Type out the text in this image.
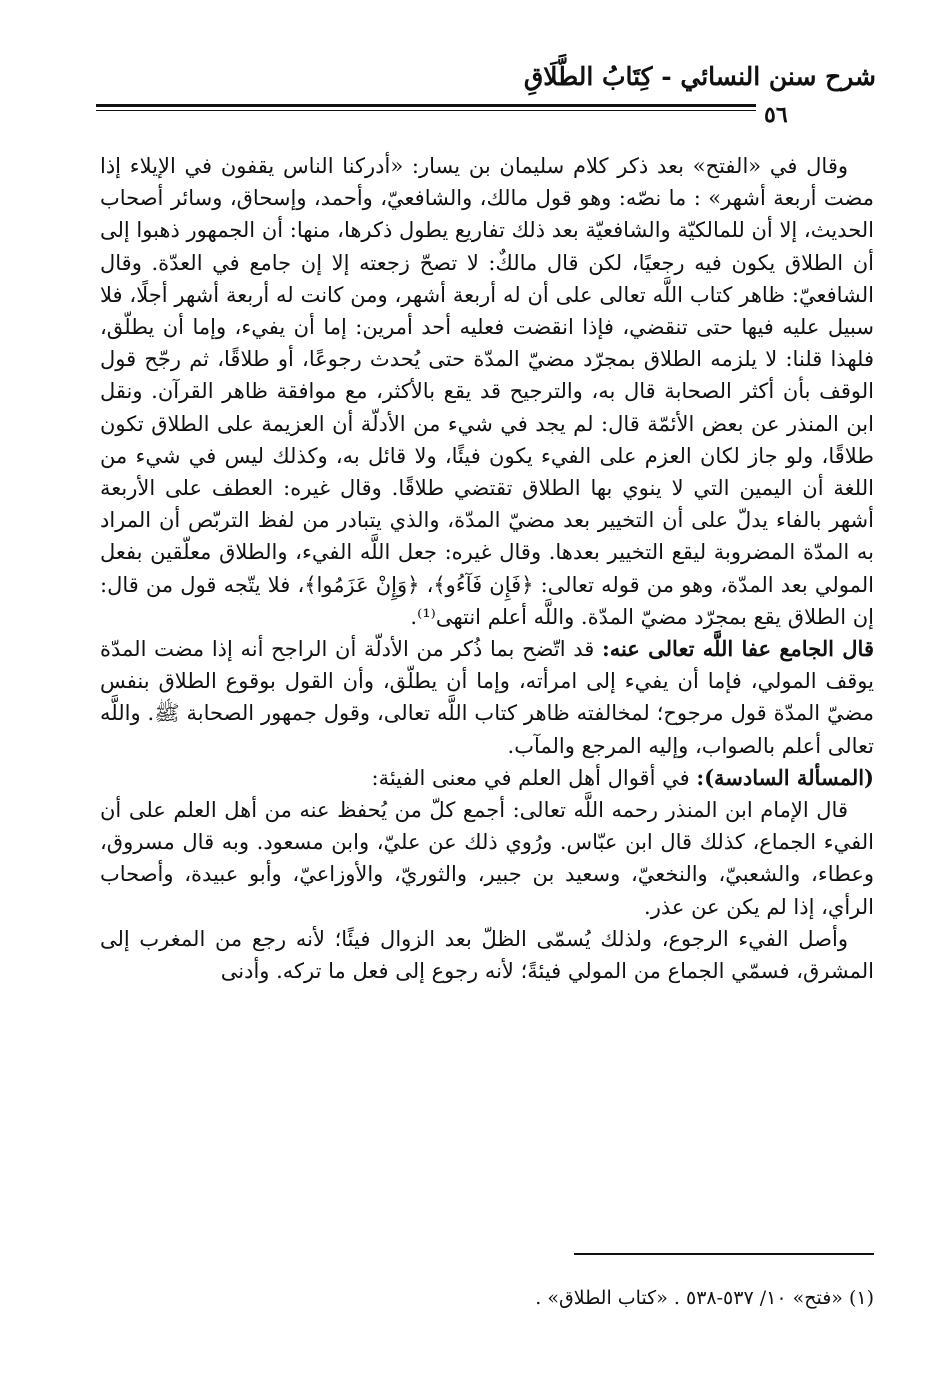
شرح سنن النسائي - كِتَابُ الطَّلَاقِ
٥٦

وقال في «الفتح» بعد ذكر كلام سليمان بن يسار: «أدركنا الناس يقفون في الإيلاء إذا مضت أربعة أشهر» : ما نصّه: وهو قول مالك، والشافعيّ، وأحمد، وإسحاق، وسائر أصحاب الحديث، إلا أن للمالكيّة والشافعيّة بعد ذلك تفاريع يطول ذكرها، منها: أن الجمهور ذهبوا إلى أن الطلاق يكون فيه رجعيًا، لكن قال مالكٌ: لا تصحّ زجعته إلا إن جامع في العدّة. وقال الشافعيّ: ظاهر كتاب اللَّه تعالى على أن له أربعة أشهر، ومن كانت له أربعة أشهر أجلًا، فلا سبيل عليه فيها حتى تنقضي، فإذا انقضت فعليه أحد أمرين: إما أن يفيء، وإما أن يطلّق، فلهذا قلنا: لا يلزمه الطلاق بمجرّد مضيّ المدّة حتى يُحدث رجوعًا، أو طلاقًا، ثم رجّح قول الوقف بأن أكثر الصحابة قال به، والترجيح قد يقع بالأكثر، مع موافقة ظاهر القرآن. ونقل ابن المنذر عن بعض الأئمّة قال: لم يجد في شيء من الأدلّة أن العزيمة على الطلاق تكون طلاقًا، ولو جاز لكان العزم على الفيء يكون فيئًا، ولا قائل به، وكذلك ليس في شيء من اللغة أن اليمين التي لا ينوي بها الطلاق تقتضي طلاقًا. وقال غيره: العطف على الأربعة أشهر بالفاء يدلّ على أن التخيير بعد مضيّ المدّة، والذي يتبادر من لفظ التربّص أن المراد به المدّة المضروبة ليقع التخيير بعدها. وقال غيره: جعل اللَّه الفيء، والطلاق معلّقين بفعل المولي بعد المدّة، وهو من قوله تعالى: ﴿فَإِن فَآءُو﴾، ﴿وَإِنْ عَزَمُوا﴾، فلا يتّجه قول من قال: إن الطلاق يقع بمجرّد مضيّ المدّة. واللَّه أعلم انتهى⁽¹⁾.

قال الجامع عفا اللَّه تعالى عنه: قد اتّضح بما ذُكر من الأدلّة أن الراجح أنه إذا مضت المدّة يوقف المولي، فإما أن يفيء إلى امرأته، وإما أن يطلّق، وأن القول بوقوع الطلاق بنفس مضيّ المدّة قول مرجوح؛ لمخالفته ظاهر كتاب اللَّه تعالى، وقول جمهور الصحابة ﷺ. واللَّه تعالى أعلم بالصواب، وإليه المرجع والمآب.

(المسألة السادسة): في أقوال أهل العلم في معنى الفيئة:

قال الإمام ابن المنذر رحمه اللَّه تعالى: أجمع كلّ من يُحفظ عنه من أهل العلم على أن الفيء الجماع، كذلك قال ابن عبّاس. ورُوي ذلك عن عليّ، وابن مسعود. وبه قال مسروق، وعطاء، والشعبيّ، والنخعيّ، وسعيد بن جبير، والثوريّ، والأوزاعيّ، وأبو عبيدة، وأصحاب الرأي، إذا لم يكن عن عذر.

وأصل الفيء الرجوع، ولذلك يُسمّى الظلّ بعد الزوال فيئًا؛ لأنه رجع من المغرب إلى المشرق، فسمّي الجماع من المولي فيئةً؛ لأنه رجوع إلى فعل ما تركه. وأدنى

(١) «فتح» ١٠/ ٥٣٧-٥٣٨ . «كتاب الطلاق» .
